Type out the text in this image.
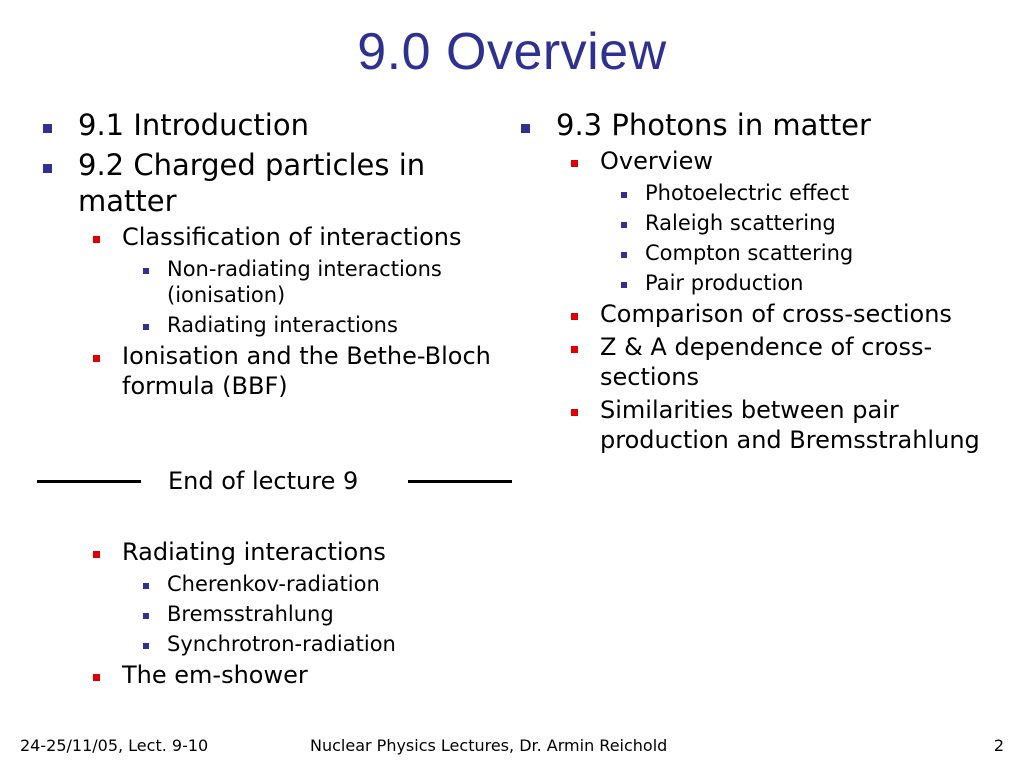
9.0 Overview
9.1 Introduction
9.2 Charged particles in matter
Classification of interactions
Non-radiating interactions (ionisation)
Radiating interactions
Ionisation and the Bethe-Bloch formula (BBF)
End of lecture 9
Radiating interactions
Cherenkov-radiation
Bremsstrahlung
Synchrotron-radiation
The em-shower
9.3 Photons in matter
Overview
Photoelectric effect
Raleigh scattering
Compton scattering
Pair production
Comparison of cross-sections
Z & A dependence of cross-sections
Similarities between pair production and Bremsstrahlung
24-25/11/05, Lect. 9-10	Nuclear Physics Lectures, Dr. Armin Reichold	2
